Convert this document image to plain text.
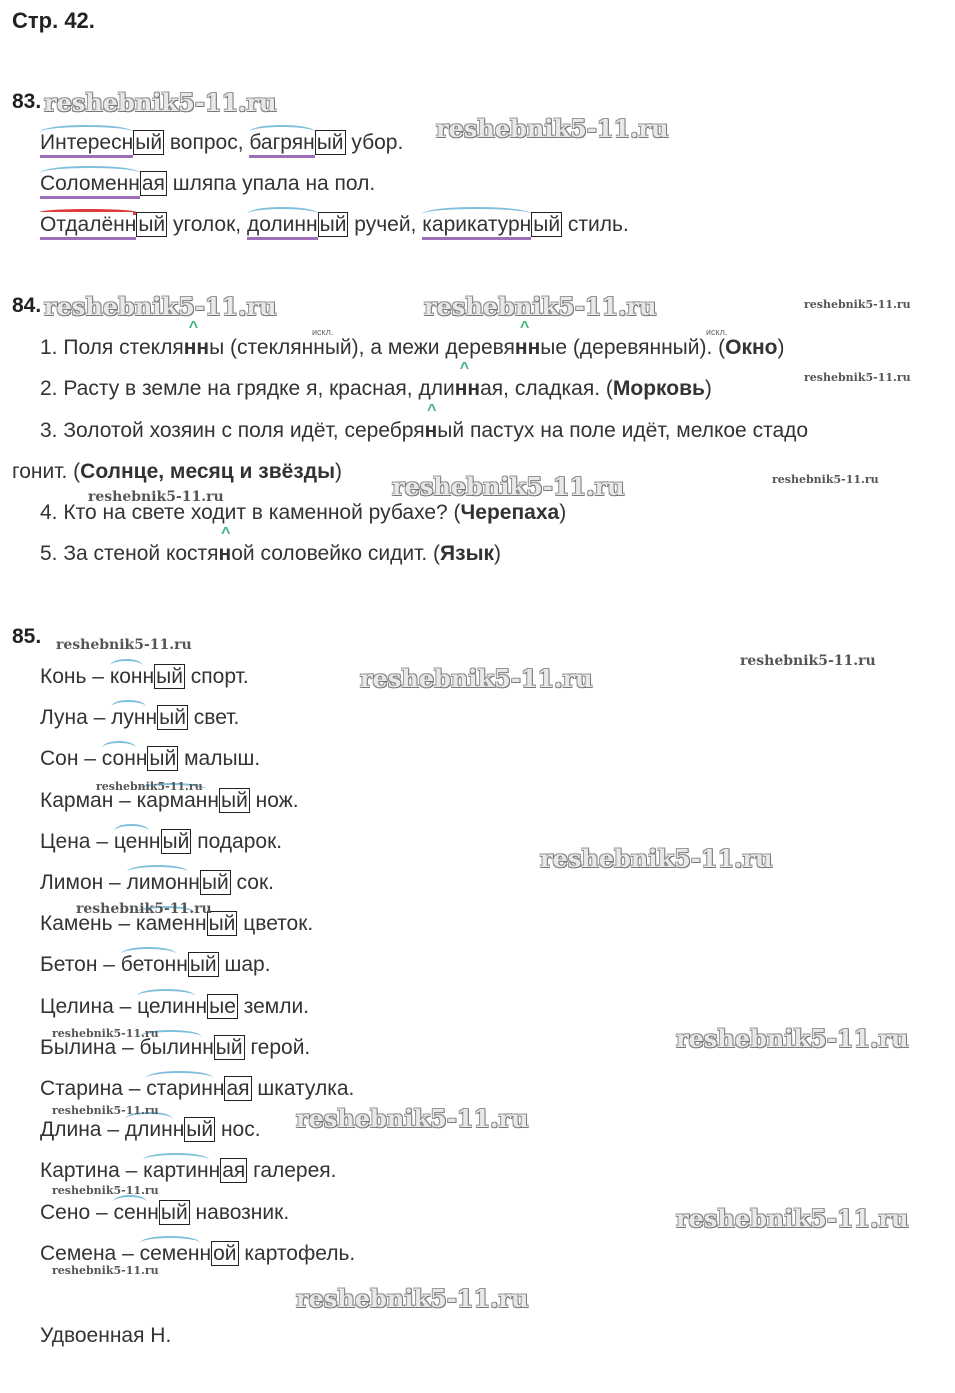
Стр. 42.
83.
Интересный вопрос, багряный убор.
Соломенная шляпа упала на пол.
Отдалённый уголок, долинный ручей, карикатурный стиль.
84.
1. Поля стеклянн ^ы (стеклянный), а межи деревянн ^ые (деревянный). (Окно)
2. Расту в земле на грядке я, красная, длинн ^ая, сладкая. (Морковь)
3. Золотой хозяин с поля идёт, серебрян ^ый пастух на поле идёт, мелкое стадо
гонит. (Солнце, месяц и звёзды)
4. Кто на свете ходит в каменной рубахе? (Черепаха)
5. За стеной костян ^ой соловейко сидит. (Язык)
искл.	искл.
85.
Конь – конный спорт.
Луна – лунный свет.
Сон – сонный малыш.
Карман – карманный нож.
Цена – ценный подарок.
Лимон – лимонный сок.
Камень – каменный цветок.
Бетон – бетонный шар.
Целина – целинные земли.
Былина – былинный герой.
Старина – старинная шкатулка.
Длина – длинный нос.
Картина – картинная галерея.
Сено – сенный навозник.
Семена – семенной картофель.
Удвоенная Н.
reshebnik5-11.ru
reshebnik5-11.ru
reshebnik5-11.ru	reshebnik5-11.ru	reshebnik5-11.ru
reshebnik5-11.ru
reshebnik5-11.ru
reshebnik5-11.ru	reshebnik5-11.ru
reshebnik5-11.ru
reshebnik5-11.ru
reshebnik5-11.ru
reshebnik5-11.ru
reshebnik5-11.ru
reshebnik5-11.ru
reshebnik5-11.ru	reshebnik5-11.ru
reshebnik5-11.ru	reshebnik5-11.ru
reshebnik5-11.ru
reshebnik5-11.ru
reshebnik5-11.ru
reshebnik5-11.ru
